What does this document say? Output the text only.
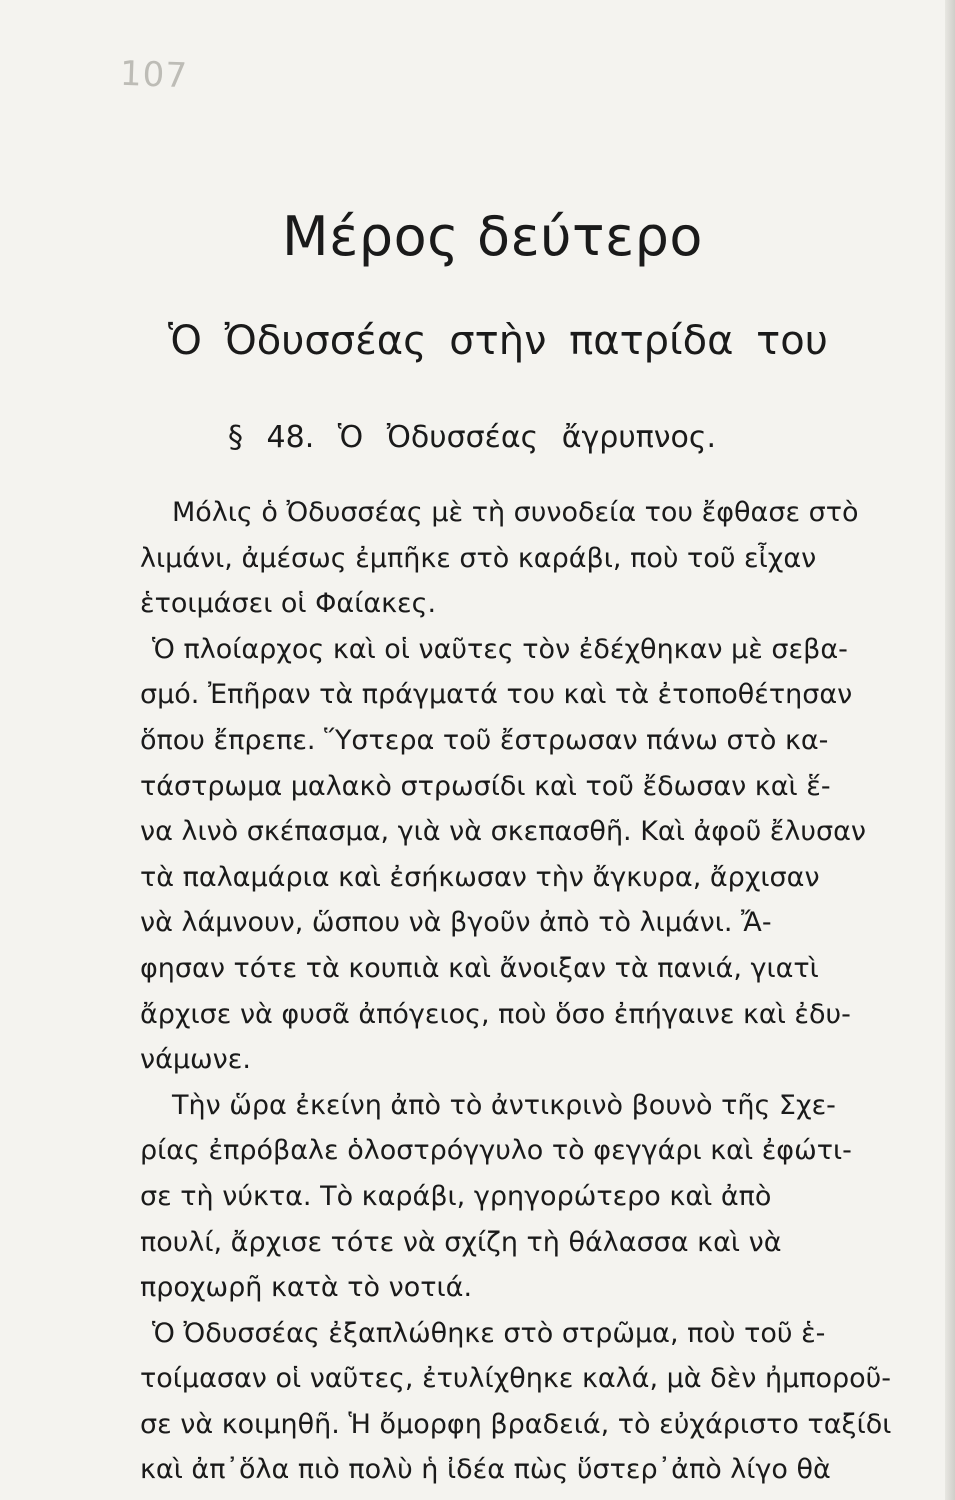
107
Μέρος δεύτερο
Ὁ Ὀδυσσέας στὴν πατρίδα του
§ 48. Ὁ Ὀδυσσέας ἄγρυπνος.
Μόλις ὁ Ὀδυσσέας μὲ τὴ συνοδεία του ἔφθασε στὸ
λιμάνι, ἀμέσως ἐμπῆκε στὸ καράβι, ποὺ τοῦ εἶχαν
ἑτοιμάσει οἱ Φαίακες.
Ὁ πλοίαρχος καὶ οἱ ναῦτες τὸν ἐδέχθηκαν μὲ σεβα-
σμό. Ἐπῆραν τὰ πράγματά του καὶ τὰ ἐτοποθέτησαν
ὅπου ἔπρεπε. Ὕστερα τοῦ ἔστρωσαν πάνω στὸ κα-
τάστρωμα μαλακὸ στρωσίδι καὶ τοῦ ἔδωσαν καὶ ἕ-
να λινὸ σκέπασμα, γιὰ νὰ σκεπασθῆ. Καὶ ἀφοῦ ἔλυσαν
τὰ παλαμάρια καὶ ἐσήκωσαν τὴν ἄγκυρα, ἄρχισαν
νὰ λάμνουν, ὥσπου νὰ βγοῦν ἀπὸ τὸ λιμάνι. Ἄ-
φησαν τότε τὰ κουπιὰ καὶ ἄνοιξαν τὰ πανιά, γιατὶ
ἄρχισε νὰ φυσᾶ ἀπόγειος, ποὺ ὅσο ἐπήγαινε καὶ ἐδυ-
νάμωνε.
Τὴν ὥρα ἐκείνη ἀπὸ τὸ ἀντικρινὸ βουνὸ τῆς Σχε-
ρίας ἐπρόβαλε ὁλοστρόγγυλο τὸ φεγγάρι καὶ ἐφώτι-
σε τὴ νύκτα. Τὸ καράβι, γρηγορώτερο καὶ ἀπὸ
πουλί, ἄρχισε τότε νὰ σχίζη τὴ θάλασσα καὶ νὰ
προχωρῆ κατὰ τὸ νοτιά.
Ὁ Ὀδυσσέας ἐξαπλώθηκε στὸ στρῶμα, ποὺ τοῦ ἑ-
τοίμασαν οἱ ναῦτες, ἐτυλίχθηκε καλά, μὰ δὲν ἠμποροῦ-
σε νὰ κοιμηθῆ. Ἡ ὄμορφη βραδειά, τὸ εὐχάριστο ταξίδι
καὶ ἀπ᾽ὅλα πιὸ πολὺ ἡ ἰδέα πὼς ὕστερ᾽ἀπὸ λίγο θὰ
